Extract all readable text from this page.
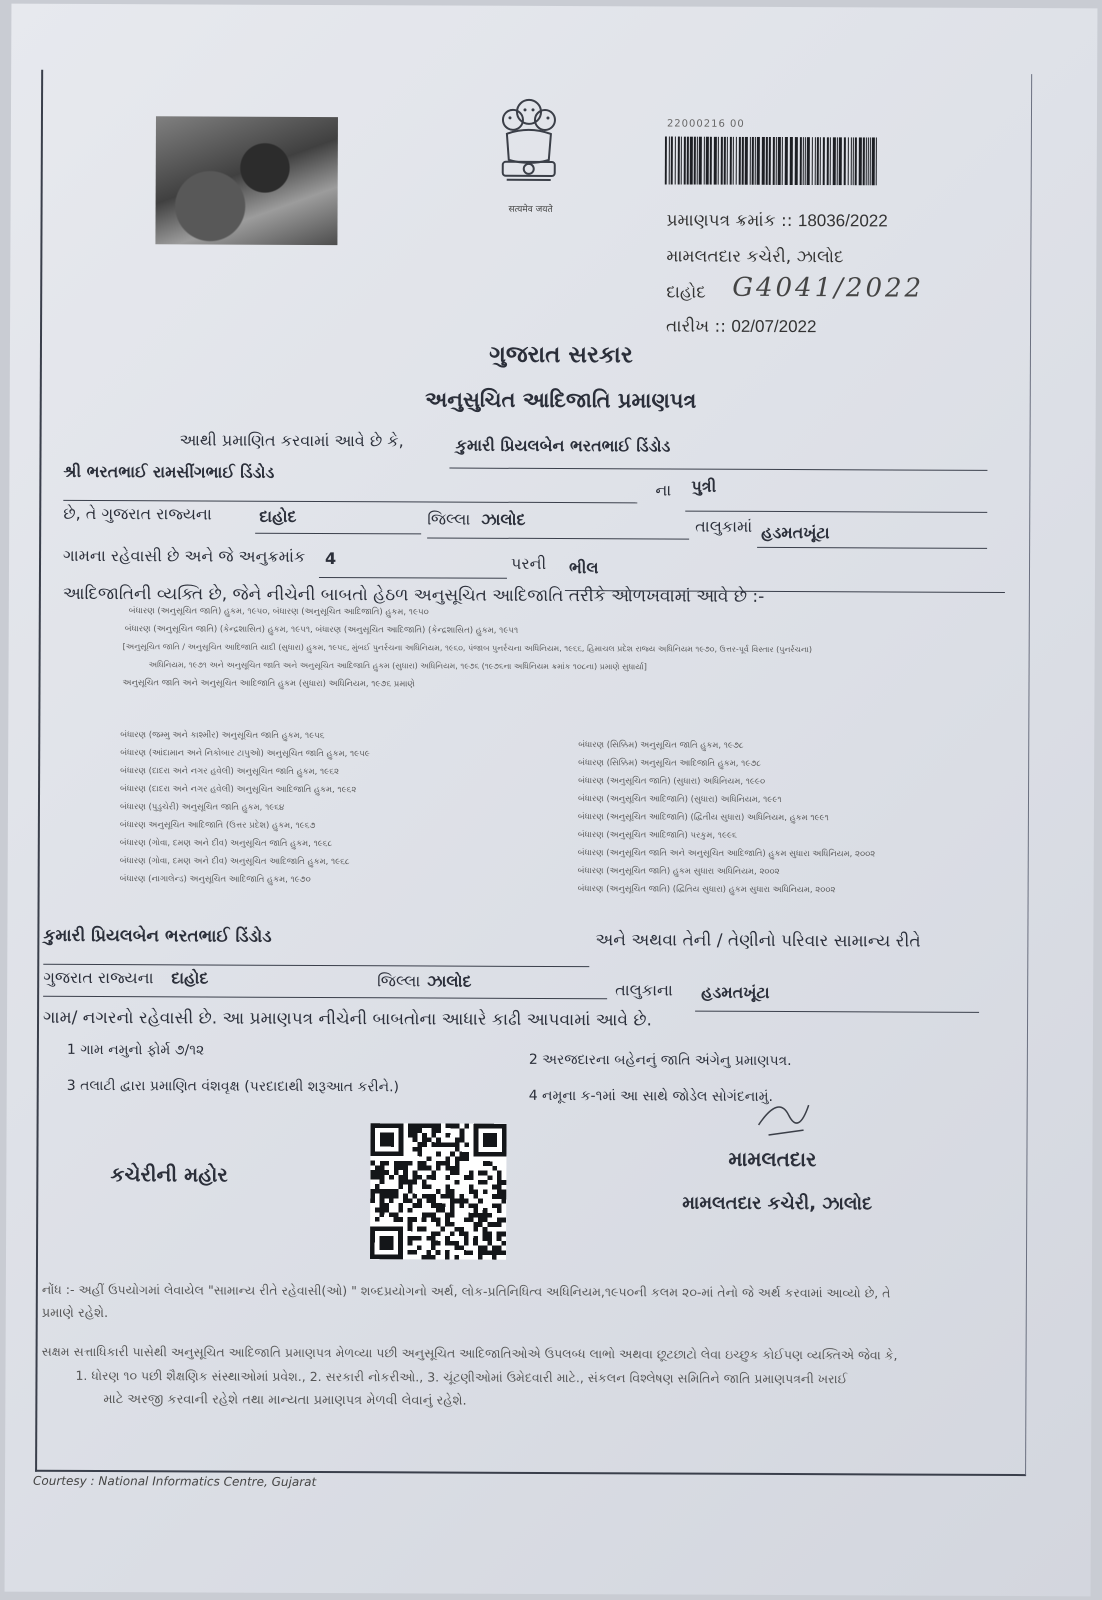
सत्यमेव जयते
22000216 00
પ્રમાણપત્ર ક્રમાંક :: 18036/2022
મામલતદાર કચેરી, ઝાલોદ
દાહોદ G4041/2022
તારીખ :: 02/07/2022
ગુજરાત સરકાર
અનુસુચિત આદિજાતિ પ્રમાણપત્ર
આથી પ્રમાણિત કરવામાં આવે છે કે,	કુમારી પ્રિયલબેન ભરતભાઈ ડિંડોડ
શ્રી ભરતભાઈ રામસીંગભાઈ ડિંડોડ
ના પુત્રી
છે, તે ગુજરાત રાજ્યના	દાહોદ	જિલ્લા ઝાલોદ	તાલુકામાં હડમતખૂંટા
ગામના રહેવાસી છે અને જે અનુક્રમાંક 4	પરની ભીલ
આદિજાતિની વ્યક્તિ છે, જેને નીચેની બાબતો હેઠળ અનુસૂચિત આદિજાતિ તરીકે ઓળખવામાં આવે છે :-
બંધારણ (અનુસૂચિત જાતિ) હુકમ, ૧૯૫૦, બંધારણ (અનુસૂચિત આદિજાતિ) હુકમ, ૧૯૫૦
બંધારણ (અનુસૂચિત જાતિ) (કેન્દ્રશાસિત) હુકમ, ૧૯૫૧, બંધારણ (અનુસૂચિત આદિજાતિ) (કેન્દ્રશાસિત) હુકમ, ૧૯૫૧
[અનુસૂચિત જાતિ / અનુસૂચિત આદિજાતિ યાદી (સુધારા) હુકમ, ૧૯૫૬, મુંબઈ પુનર્રચના અધિનિયમ, ૧૯૬૦, પંજાબ પુનર્રચના અધિનિયમ, ૧૯૬૬, હિમાચલ પ્રદેશ રાજ્ય અધિનિયમ ૧૯૭૦, ઉત્તર-પૂર્વ વિસ્તાર (પુનર્રચના)
અધિનિયમ, ૧૯૭૧ અને અનુસૂચિત જાતિ અને અનુસૂચિત આદિજાતિ હુકમ (સુધારા) અધિનિયમ, ૧૯૭૬ (૧૯૭૬ના અધિનિયમ ક્રમાંક ૧૦૮ના) પ્રમાણે સુધાર્યા]
અનુસૂચિત જાતિ અને અનુસૂચિત આદિજાતિ હુકમ (સુધારા) અધિનિયમ, ૧૯૭૬ પ્રમાણે
બંધારણ (જમ્મુ અને કાશ્મીર) અનુસૂચિત જાતિ હુકમ, ૧૯૫૬
બંધારણ (આંદામાન અને નિકોબાર ટાપુઓ) અનુસૂચિત જાતિ હુકમ, ૧૯૫૯
બંધારણ (દાદરા અને નગર હવેલી) અનુસૂચિત જાતિ હુકમ, ૧૯૬૨
બંધારણ (દાદરા અને નગર હવેલી) અનુસૂચિત આદિજાતિ હુકમ, ૧૯૬૨
બંધારણ (પુડુચેરી) અનુસૂચિત જાતિ હુકમ, ૧૯૬૪
બંધારણ અનુસૂચિત આદિજાતિ (ઉત્તર પ્રદેશ) હુકમ, ૧૯૬૭
બંધારણ (ગોવા, દમણ અને દીવ) અનુસૂચિત જાતિ હુકમ, ૧૯૬૮
બંધારણ (ગોવા, દમણ અને દીવ) અનુસૂચિત આદિજાતિ હુકમ, ૧૯૬૮
બંધારણ (નાગાલેન્ડ) અનુસૂચિત આદિજાતિ હુકમ, ૧૯૭૦
બંધારણ (સિક્કિમ) અનુસૂચિત જાતિ હુકમ, ૧૯૭૮
બંધારણ (સિક્કિમ) અનુસૂચિત આદિજાતિ હુકમ, ૧૯૭૮
બંધારણ (અનુસૂચિત જાતિ) (સુધારા) અધિનિયમ, ૧૯૯૦
બંધારણ (અનુસૂચિત આદિજાતિ) (સુધારા) અધિનિયમ, ૧૯૯૧
બંધારણ (અનુસૂચિત આદિજાતિ) (દ્વિતીય સુધારા) અધિનિયમ, હુકમ ૧૯૯૧
બંધારણ (અનુસૂચિત આદિજાતિ) પરકુમ, ૧૯૯૬
બંધારણ (અનુસૂચિત જાતિ અને અનુસૂચિત આદિજાતિ) હુકમ સુધારા અધિનિયમ, ૨૦૦૨
બંધારણ (અનુસૂચિત જાતિ) હુકમ સુધારા અધિનિયમ, ૨૦૦૨
બંધારણ (અનુસૂચિત જાતિ) (દ્વિતિય સુધારા) હુકમ સુધારા અધિનિયમ, ૨૦૦૨
કુમારી પ્રિયલબેન ભરતભાઈ ડિંડોડ	અને અથવા તેની / તેણીનો પરિવાર સામાન્ય રીતે
ગુજરાત રાજ્યના દાહોદ	જિલ્લા ઝાલોદ	તાલુકાના હડમતખૂંટા
ગામ/ નગરનો રહેવાસી છે. આ પ્રમાણપત્ર નીચેની બાબતોના આધારે કાઢી આપવામાં આવે છે.
1 ગામ નમુનો ફોર્મ ૭/૧૨
2 અરજદારના બહેનનું જાતિ અંગેનુ પ્રમાણપત્ર.
3 તલાટી દ્વારા પ્રમાણિત વંશવૃક્ષ (પરદાદાથી શરૂઆત કરીને.)
4 નમૂના ક-૧માં આ સાથે જોડેલ સોગંદનામું.
કચેરીની મહોર
મામલતદાર
મામલતદાર કચેરી, ઝાલોદ
નોંધ :- અહીં ઉપયોગમાં લેવાયેલ "સામાન્ય રીતે રહેવાસી(ઓ) " શબ્દપ્રયોગનો અર્થ, લોક-પ્રતિનિધિત્વ અધિનિયમ,૧૯૫૦ની કલમ ૨૦-માં તેનો જે અર્થ કરવામાં આવ્યો છે, તે
પ્રમાણે રહેશે.
સક્ષમ સત્તાધિકારી પાસેથી અનુસૂચિત આદિજાતિ પ્રમાણપત્ર મેળવ્યા પછી અનુસૂચિત આદિજાતિઓએ ઉપલબ્ધ લાભો અથવા છૂટછાટો લેવા ઇચ્છુક કોઈપણ વ્યક્તિએ જેવા કે,
1. ધોરણ ૧૦ પછી શૈક્ષણિક સંસ્થાઓમાં પ્રવેશ., 2. સરકારી નોકરીઓ., 3. ચૂંટણીઓમાં ઉમેદવારી માટે., સંકલન વિશ્લેષણ સમિતિને જાતિ પ્રમાણપત્રની ખરાઈ
માટે અરજી કરવાની રહેશે તથા માન્યતા પ્રમાણપત્ર મેળવી લેવાનું રહેશે.
Courtesy : National Informatics Centre, Gujarat
